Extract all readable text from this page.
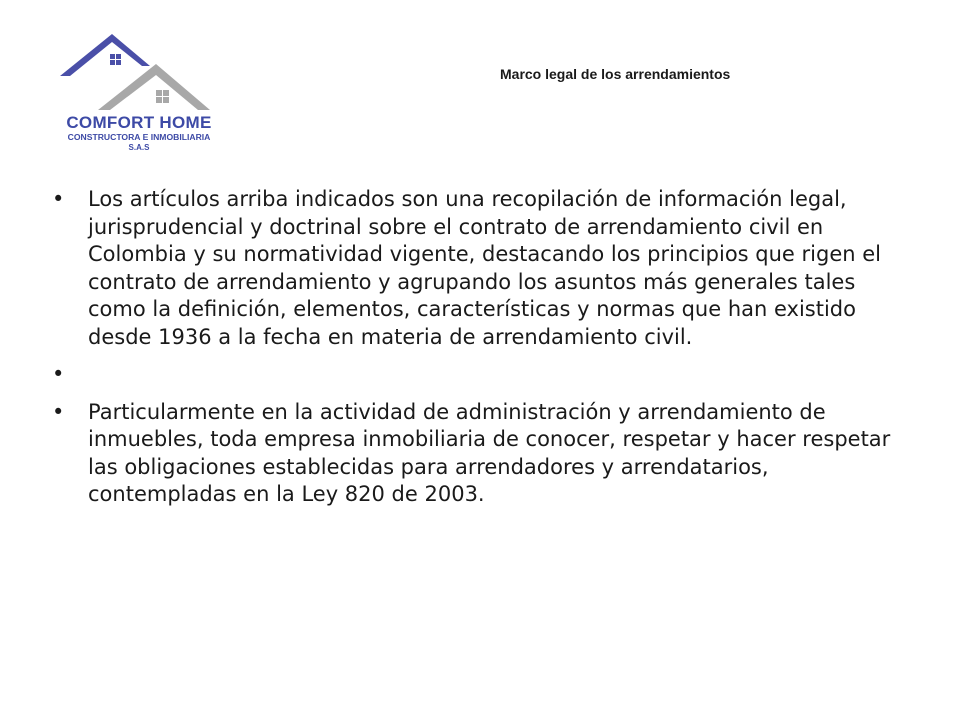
COMFORT HOME
CONSTRUCTORA E INMOBILIARIA
S.A.S
Marco legal de los arrendamientos
•	Los artículos arriba indicados son una recopilación de información legal, jurisprudencial y doctrinal sobre el contrato de arrendamiento civil en Colombia y su normatividad vigente, destacando los principios que rigen el contrato de arrendamiento y agrupando los asuntos más generales tales como la definición, elementos, características y normas que han existido desde 1936 a la fecha en materia de arrendamiento civil.
•
•	Particularmente en la actividad de administración y arrendamiento de inmuebles, toda empresa inmobiliaria de conocer, respetar y hacer respetar las obligaciones establecidas para arrendadores y arrendatarios, contempladas en la Ley 820 de 2003.
